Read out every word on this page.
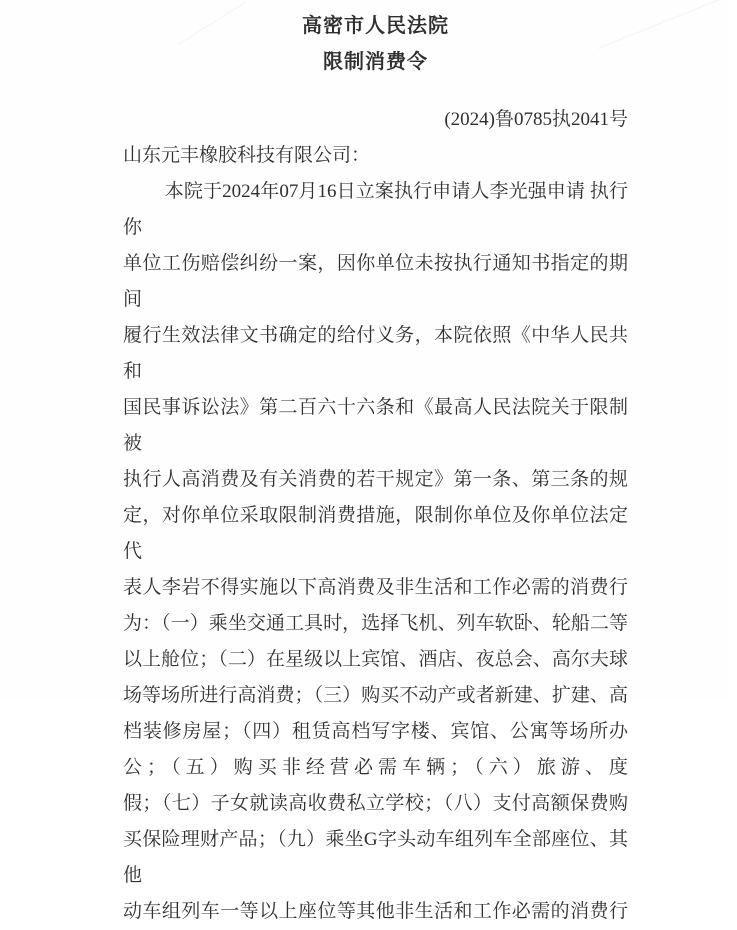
高密市人民法院
限制消费令
(2024)鲁0785执2041号
山东元丰橡胶科技有限公司：
本院于2024年07月16日立案执行申请人李光强申请 执行你
单位工伤赔偿纠纷一案，因你单位未按执行通知书指定的期间
履行生效法律文书确定的给付义务，本院依照《中华人民共和
国民事诉讼法》第二百六十六条和《最高人民法院关于限制被
执行人高消费及有关消费的若干规定》第一条、第三条的规
定，对你单位采取限制消费措施，限制你单位及你单位法定代
表人李岩不得实施以下高消费及非生活和工作必需的消费行
为：（一）乘坐交通工具时，选择飞机、列车软卧、轮船二等
以上舱位；（二）在星级以上宾馆、酒店、夜总会、高尔夫球
场等场所进行高消费；（三）购买不动产或者新建、扩建、高
档装修房屋；（四）租赁高档写字楼、宾馆、公寓等场所办
公；（五）购买非经营必需车辆；（六）旅游、度
假；（七）子女就读高收费私立学校；（八）支付高额保费购
买保险理财产品；（九）乘坐G字头动车组列车全部座位、其他
动车组列车一等以上座位等其他非生活和工作必需的消费行
